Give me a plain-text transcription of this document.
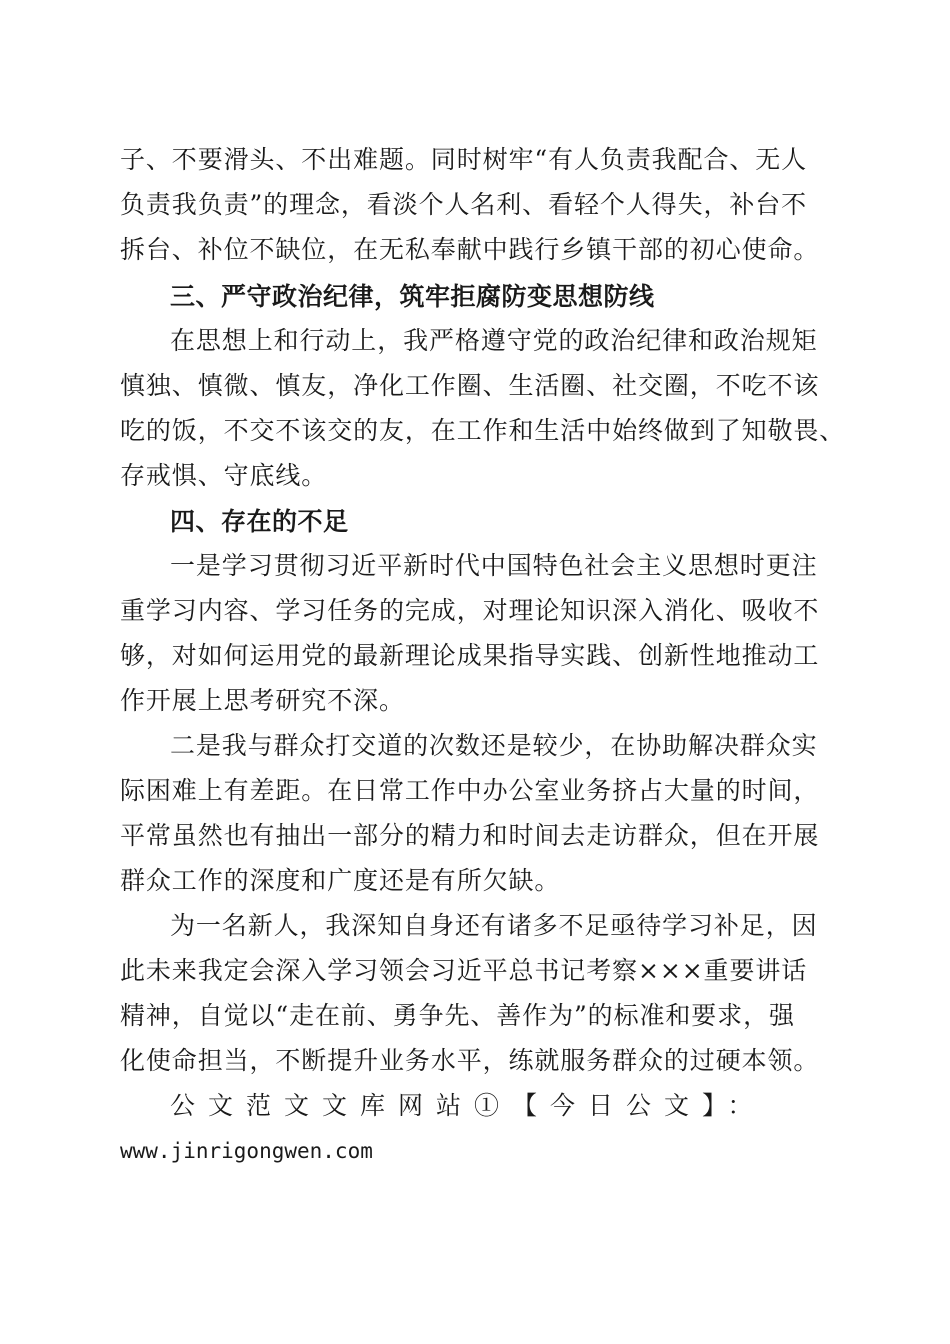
子、不要滑头、不出难题。同时树牢“有人负责我配合、无人
负责我负责”的理念，看淡个人名利、看轻个人得失，补台不
拆台、补位不缺位，在无私奉献中践行乡镇干部的初心使命。
三、严守政治纪律，筑牢拒腐防变思想防线
在思想上和行动上，我严格遵守党的政治纪律和政治规矩
慎独、慎微、慎友，净化工作圈、生活圈、社交圈，不吃不该
吃的饭，不交不该交的友，在工作和生活中始终做到了知敬畏、
存戒惧、守底线。
四、存在的不足
一是学习贯彻习近平新时代中国特色社会主义思想时更注
重学习内容、学习任务的完成，对理论知识深入消化、吸收不
够，对如何运用党的最新理论成果指导实践、创新性地推动工
作开展上思考研究不深。
二是我与群众打交道的次数还是较少，在协助解决群众实
际困难上有差距。在日常工作中办公室业务挤占大量的时间，
平常虽然也有抽出一部分的精力和时间去走访群众，但在开展
群众工作的深度和广度还是有所欠缺。
为一名新人，我深知自身还有诸多不足亟待学习补足，因
此未来我定会深入学习领会习近平总书记考察×××重要讲话
精神，自觉以“走在前、勇争先、善作为”的标准和要求，强
化使命担当，不断提升业务水平，练就服务群众的过硬本领。
公文范文文库网站①【今日公文】：
www.jinrigongwen.com
